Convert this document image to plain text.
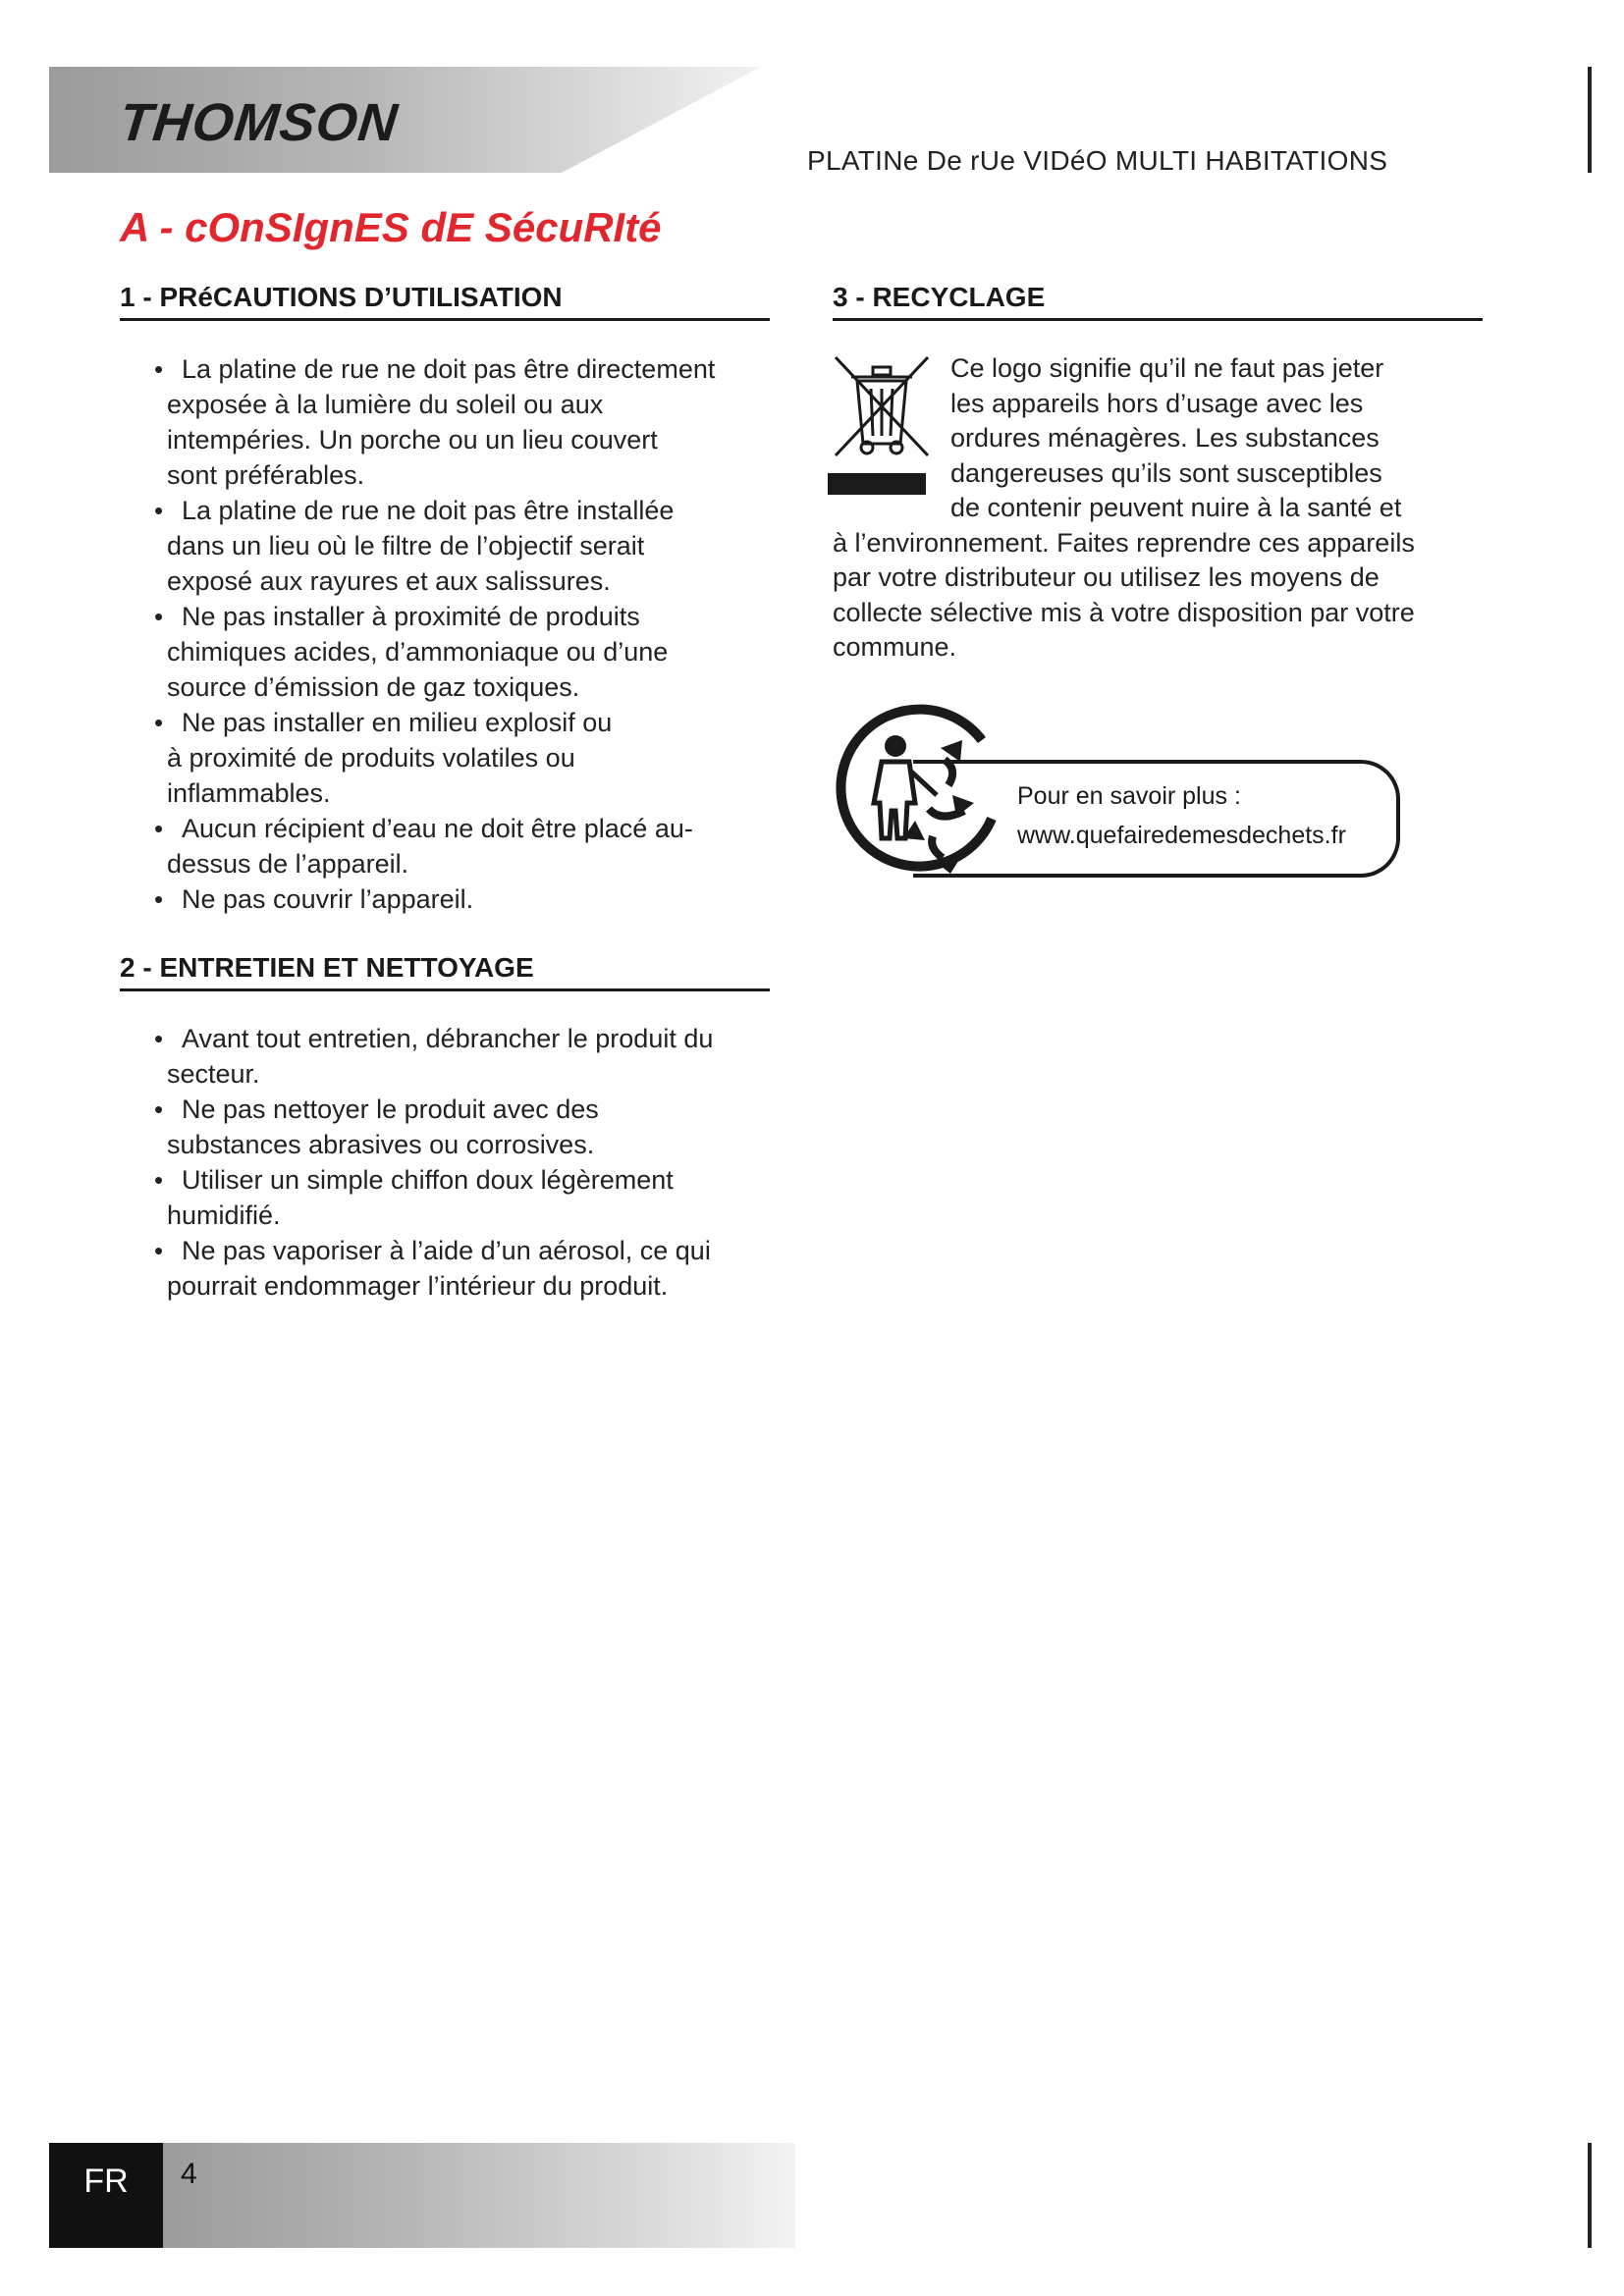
THOMSON
PLATINe De rUe VIDéO MULTI HABITATIONS
A - cOnSIgnES dE SécuRIté
1 - PRéCAUTIONS D’UTILISATION
• La platine de rue ne doit pas être directement
exposée à la lumière du soleil ou aux
intempéries. Un porche ou un lieu couvert
sont préférables.
• La platine de rue ne doit pas être installée
dans un lieu où le filtre de l’objectif serait
exposé aux rayures et aux salissures.
• Ne pas installer à proximité de produits
chimiques acides, d’ammoniaque ou d’une
source d’émission de gaz toxiques.
• Ne pas installer en milieu explosif ou
à proximité de produits volatiles ou
inflammables.
• Aucun récipient d’eau ne doit être placé au-
dessus de l’appareil.
• Ne pas couvrir l’appareil.
2 - ENTRETIEN ET NETTOYAGE
• Avant tout entretien, débrancher le produit du
secteur.
• Ne pas nettoyer le produit avec des
substances abrasives ou corrosives.
• Utiliser un simple chiffon doux légèrement
humidifié.
• Ne pas vaporiser à l’aide d’un aérosol, ce qui
pourrait endommager l’intérieur du produit.
3 - RECYCLAGE
Ce logo signifie qu’il ne faut pas jeter
les appareils hors d’usage avec les
ordures ménagères. Les substances
dangereuses qu’ils sont susceptibles
de contenir peuvent nuire à la santé et
à l’environnement. Faites reprendre ces appareils
par votre distributeur ou utilisez les moyens de
collecte sélective mis à votre disposition par votre
commune.
Pour en savoir plus :
www.quefairedemesdechets.fr
FR	4
